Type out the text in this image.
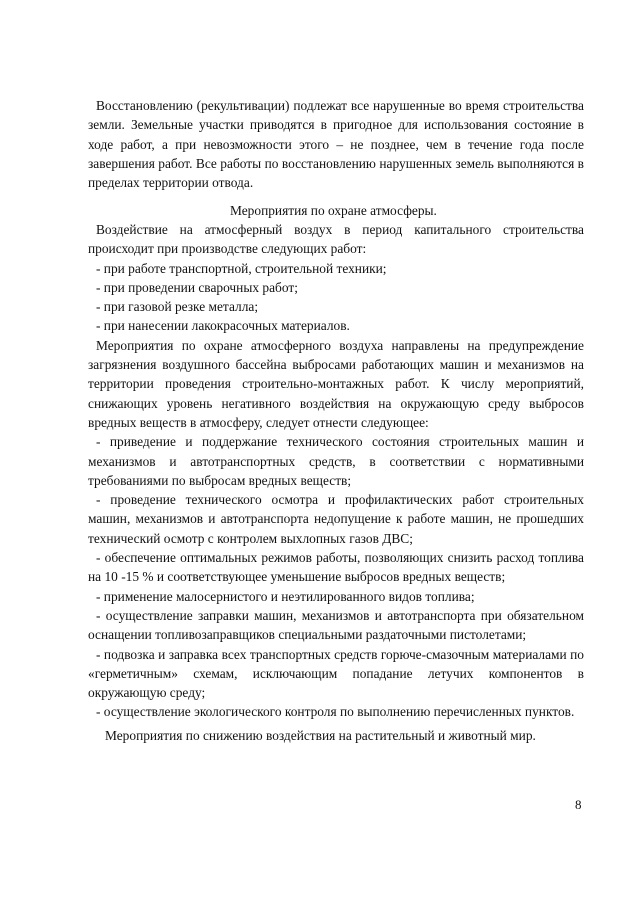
Восстановлению (рекультивации) подлежат все нарушенные во время строительства земли. Земельные участки приводятся в пригодное для использования состояние в ходе работ, а при невозможности этого – не позднее, чем в течение года после завершения работ. Все работы по восстановлению нарушенных земель выполняются в пределах территории отвода.

Мероприятия по охране атмосферы.

Воздействие на атмосферный воздух в период капитального строительства происходит при производстве следующих работ:

- при работе транспортной, строительной техники;

- при проведении сварочных работ;

- при газовой резке металла;

- при нанесении лакокрасочных материалов.

Мероприятия по охране атмосферного воздуха направлены на предупреждение загрязнения воздушного бассейна выбросами работающих машин и механизмов на территории проведения строительно-монтажных работ. К числу мероприятий, снижающих уровень негативного воздействия на окружающую среду выбросов вредных веществ в атмосферу, следует отнести следующее:

- приведение и поддержание технического состояния строительных машин и механизмов и автотранспортных средств, в соответствии с нормативными требованиями по выбросам вредных веществ;

- проведение технического осмотра и профилактических работ строительных машин, механизмов и автотранспорта недопущение к работе машин, не прошедших технический осмотр с контролем выхлопных газов ДВС;

- обеспечение оптимальных режимов работы, позволяющих снизить расход топлива на 10 -15 % и соответствующее уменьшение выбросов вредных веществ;

- применение малосернистого и неэтилированного видов топлива;

- осуществление заправки машин, механизмов и автотранспорта при обязательном оснащении топливозаправщиков специальными раздаточными пистолетами;

- подвозка и заправка всех транспортных средств горюче-смазочным материалами по «герметичным» схемам, исключающим попадание летучих компонентов в окружающую среду;

- осуществление экологического контроля по выполнению перечисленных пунктов.

Мероприятия по снижению воздействия на растительный и животный мир.
8
